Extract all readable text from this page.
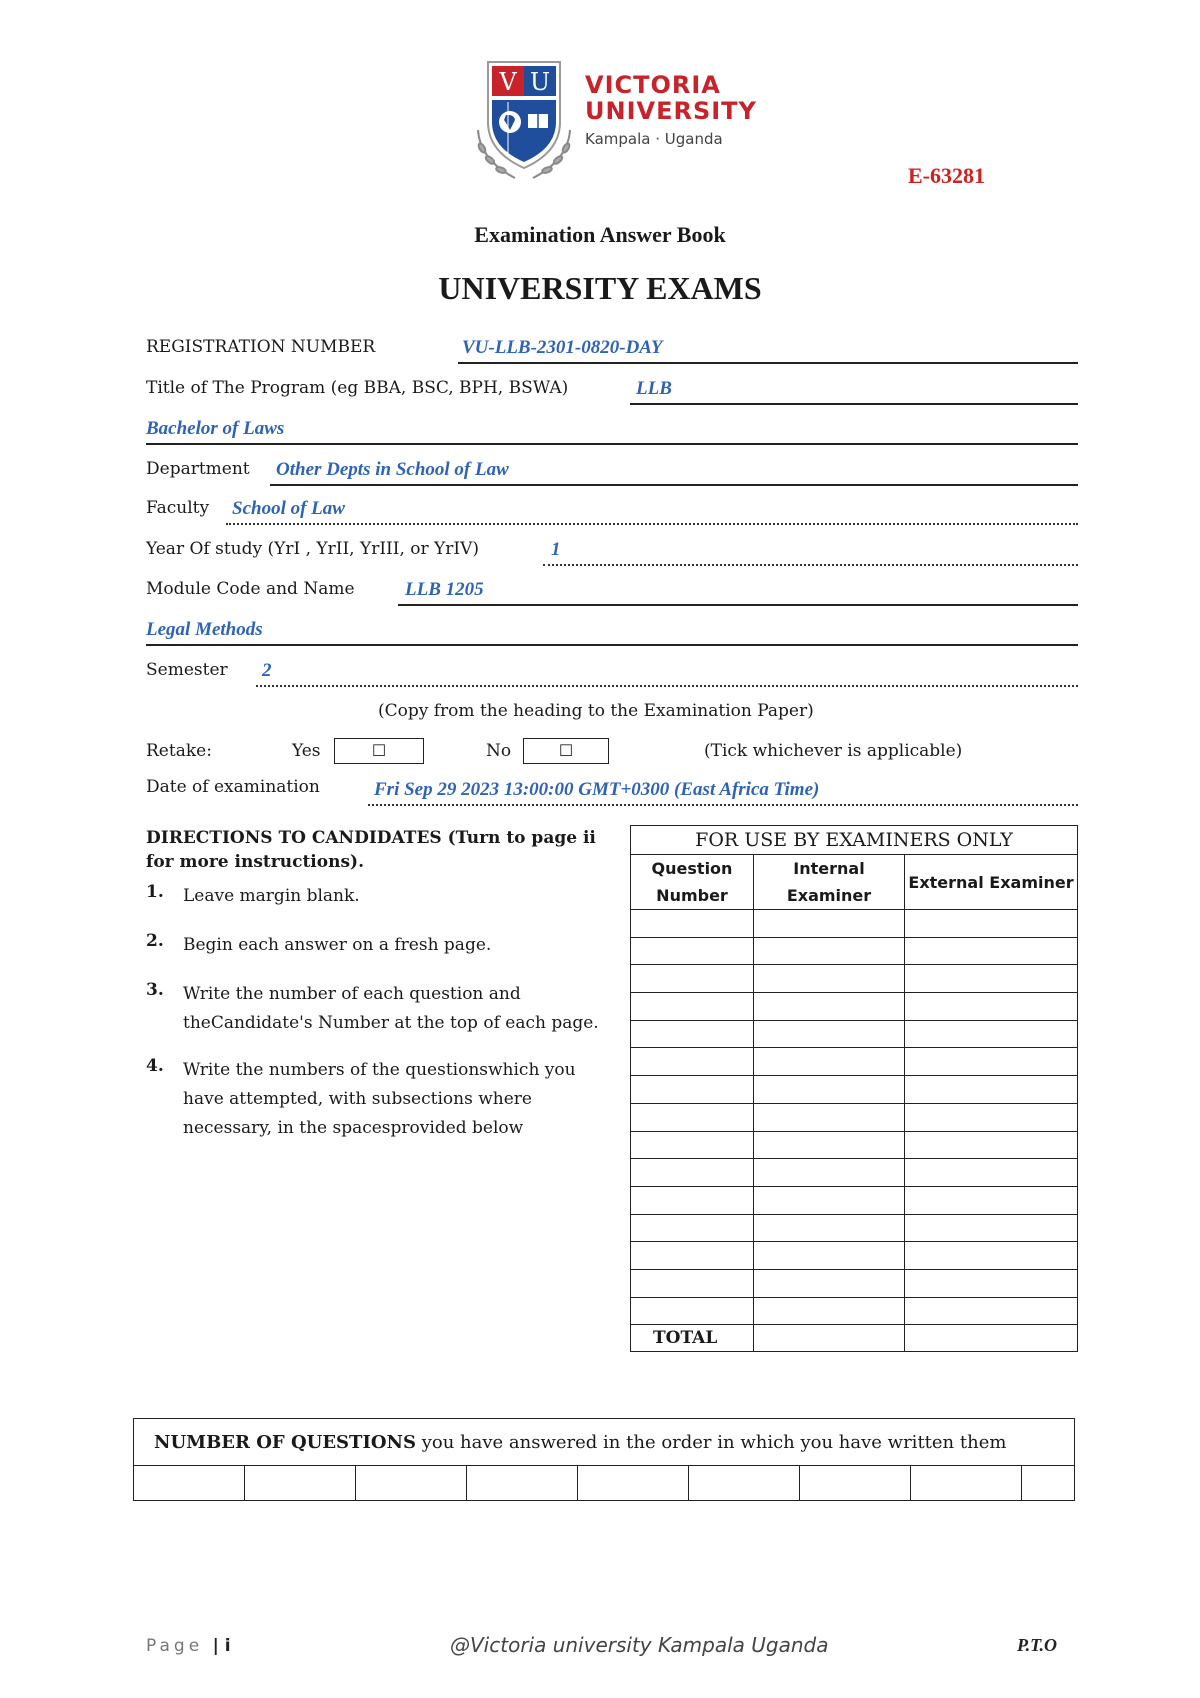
V U VICTORIA
UNIVERSITY
Kampala · Uganda
E-63281
Examination Answer Book
UNIVERSITY EXAMS
REGISTRATION NUMBER	VU-LLB-2301-0820-DAY
Title of The Program (eg BBA, BSC, BPH, BSWA)	LLB
Bachelor of Laws
Department Other Depts in School of Law
Faculty School of Law
Year Of study (YrI , YrII, YrIII, or YrIV)	1
Module Code and Name	LLB 1205
Legal Methods
Semester 2
(Copy from the heading to the Examination Paper)
Retake:	Yes	☐	No	☐	(Tick whichever is applicable)
Date of examination	Fri Sep 29 2023 13:00:00 GMT+0300 (East Africa Time)
DIRECTIONS TO CANDIDATES (Turn to page ii for more instructions).
1. Leave margin blank.
2. Begin each answer on a fresh page.
3. Write the number of each question and theCandidate's Number at the top of each page.
4. Write the numbers of the questionswhich you have attempted, with subsections where necessary, in the spacesprovided below
FOR USE BY EXAMINERS ONLY		
Question Number	Internal Examiner	External Examiner

TOTAL		
NUMBER OF QUESTIONS you have answered in the order in which you have written them

Page | i	@Victoria university Kampala Uganda	P.T.O
